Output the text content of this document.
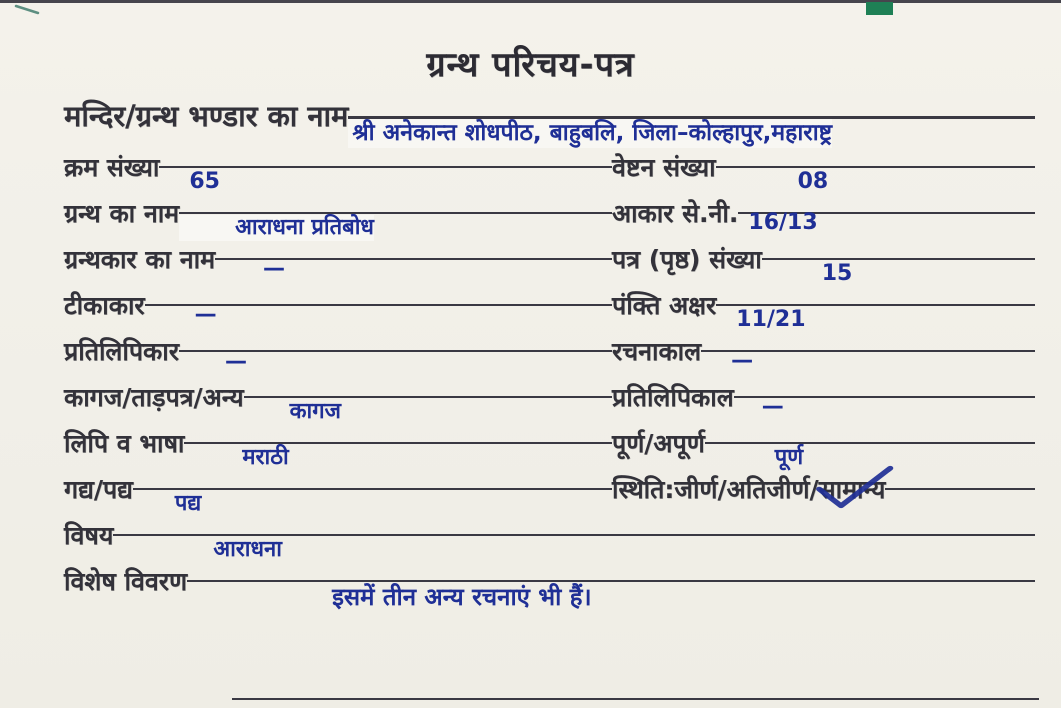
ग्रन्थ परिचय-पत्र
मन्दिर/ग्रन्थ भण्डार का नाम श्री अनेकान्त शोधपीठ, बाहुबलि, जिला–कोल्हापुर,महाराष्ट्र
क्रम संख्या	65	वेष्टन संख्या	08
ग्रन्थ का नाम	आराधना प्रतिबोध	आकार से.नी. 16/13
ग्रन्थकार का नाम	—	पत्र (पृष्ठ) संख्या	15
टीकाकार	—	पंक्ति अक्षर 11/21
प्रतिलिपिकार	—	रचनाकाल	—
कागज/ताड़पत्र/अन्य	कागज	प्रतिलिपिकाल	—
लिपि व भाषा	मराठी	पूर्ण/अपूर्ण	पूर्ण
गद्य/पद्य	पद्य	स्थिति:जीर्ण/अतिजीर्ण/सामान्य
विषय	आराधना
विशेष विवरण
इसमें तीन अन्य रचनाएं भी हैं।
